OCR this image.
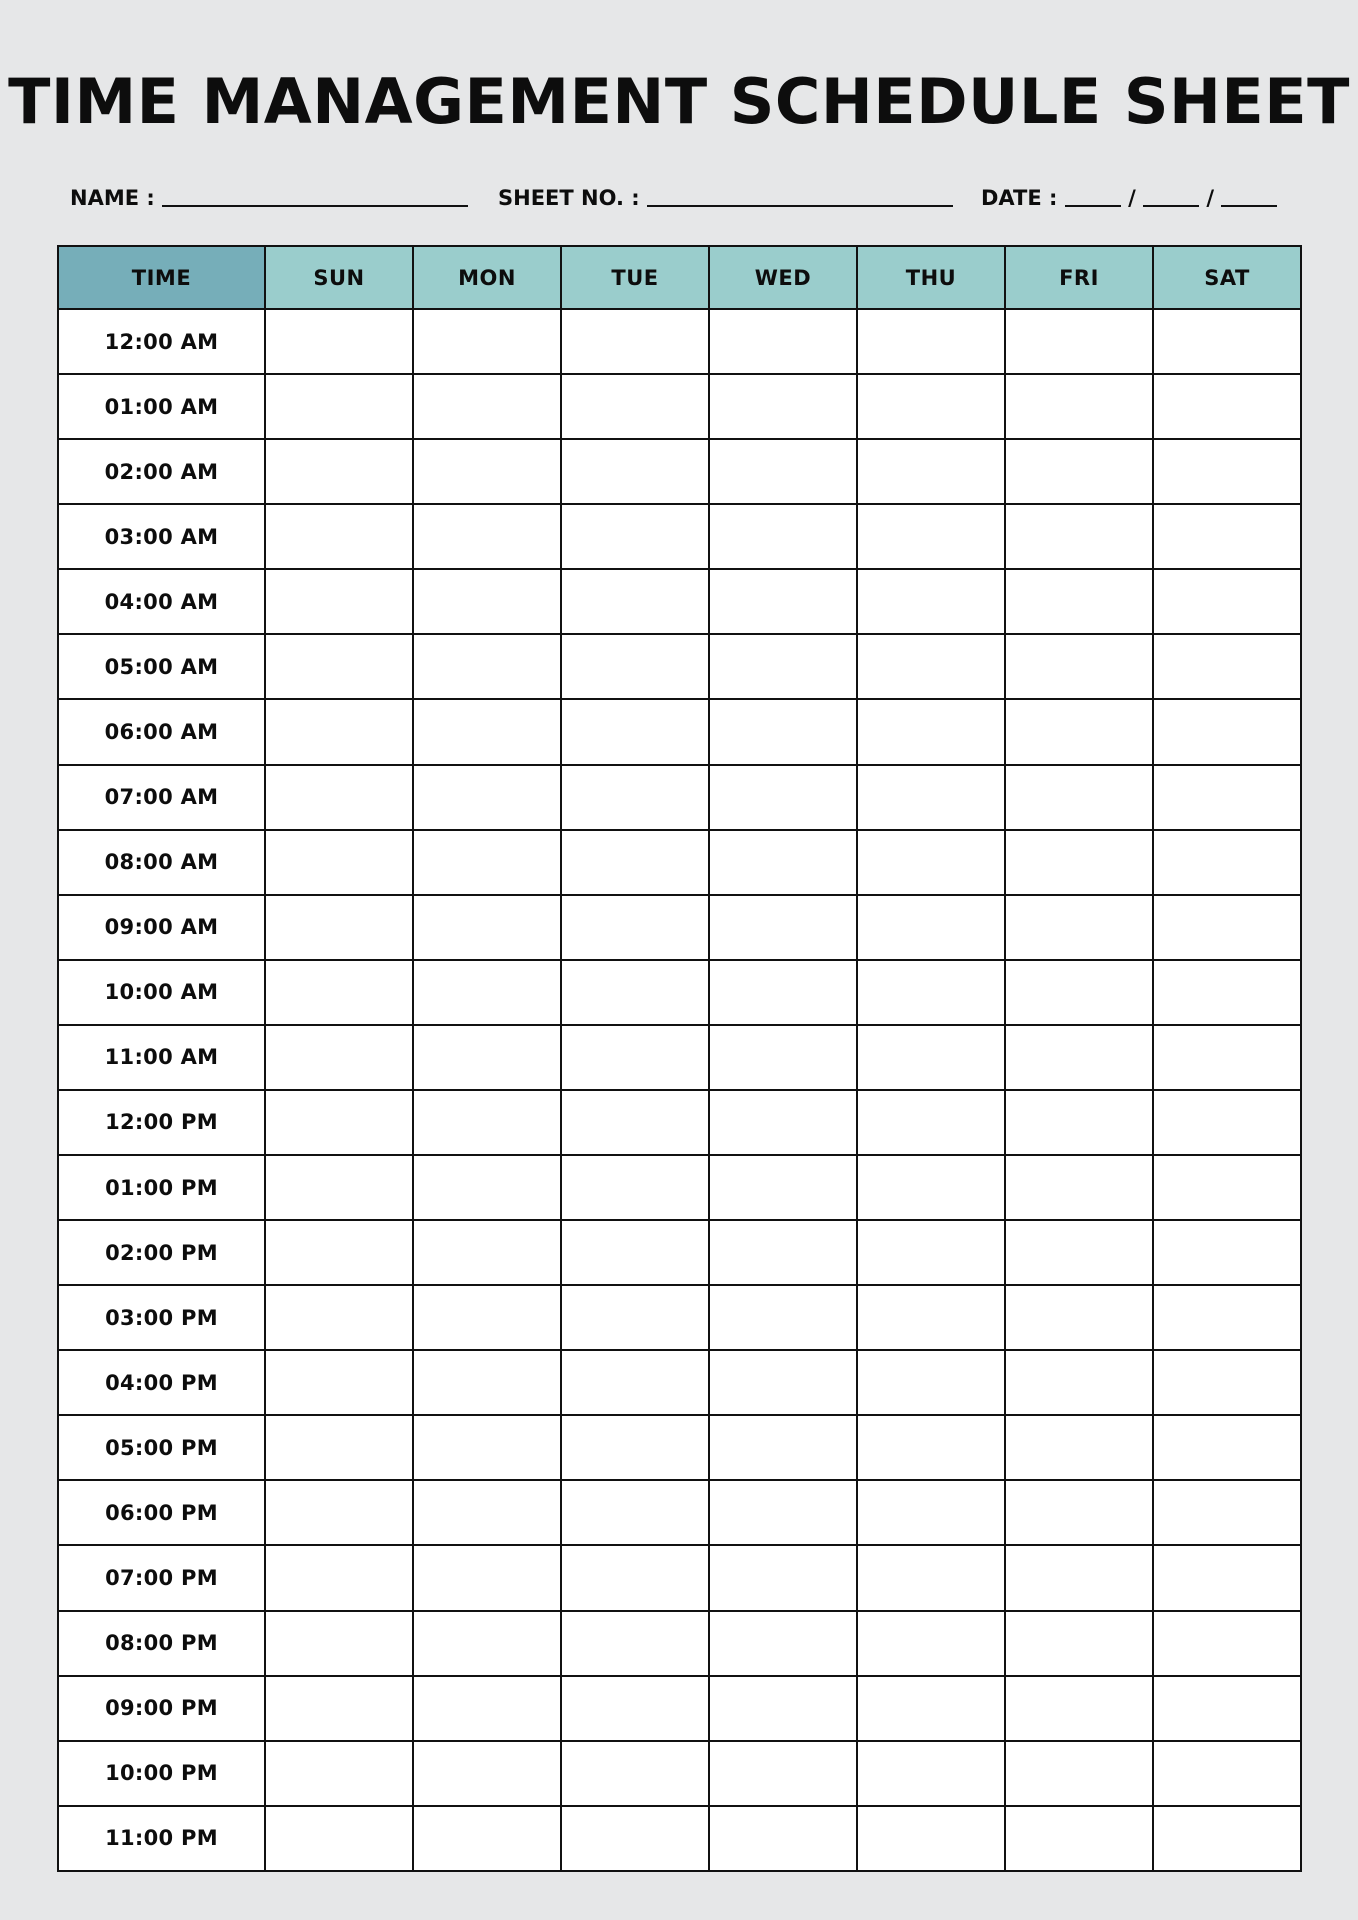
TIME MANAGEMENT SCHEDULE SHEET
NAME :	SHEET NO. :	DATE :	/	/
TIME	SUN	MON	TUE	WED	THU	FRI	SAT
12:00 AM							
01:00 AM							
02:00 AM							
03:00 AM							
04:00 AM							
05:00 AM							
06:00 AM							
07:00 AM							
08:00 AM							
09:00 AM							
10:00 AM							
11:00 AM							
12:00 PM							
01:00 PM							
02:00 PM							
03:00 PM							
04:00 PM							
05:00 PM							
06:00 PM							
07:00 PM							
08:00 PM							
09:00 PM							
10:00 PM							
11:00 PM							
